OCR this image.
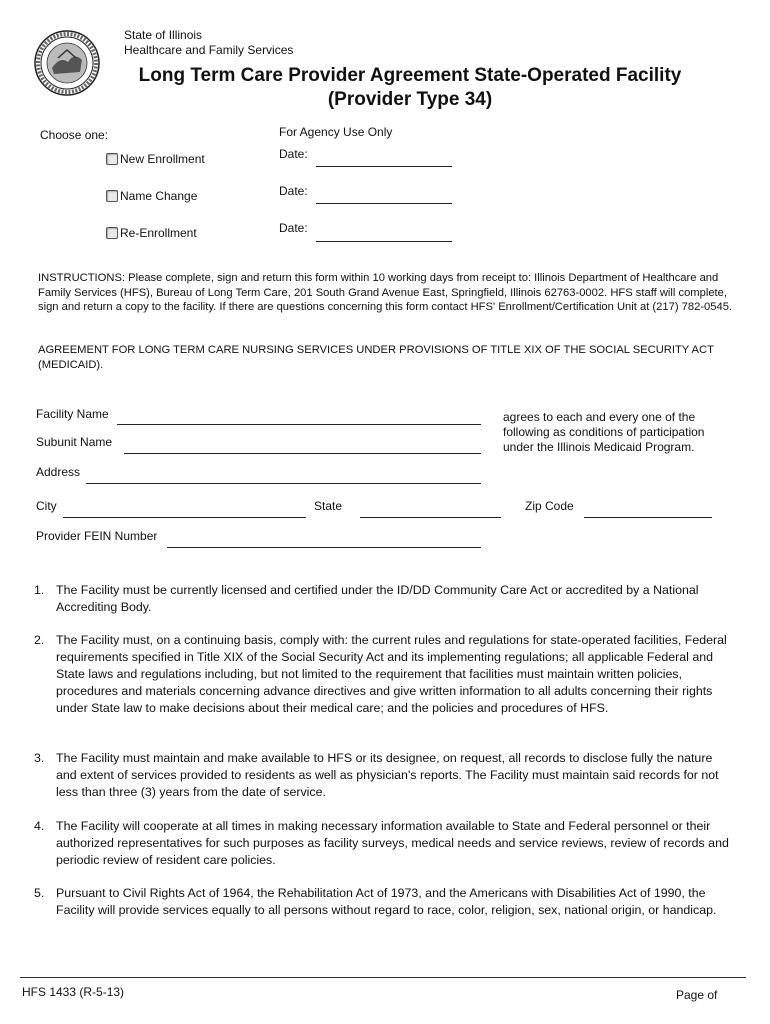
State of Illinois
Healthcare and Family Services
Long Term Care Provider Agreement State-Operated Facility
(Provider Type 34)
Choose one:
New Enrollment
Name Change
Re-Enrollment
For Agency Use Only
Date:
Date:
Date:
INSTRUCTIONS: Please complete, sign and return this form within 10 working days from receipt to: Illinois Department of Healthcare and Family Services (HFS), Bureau of Long Term Care, 201 South Grand Avenue East, Springfield, Illinois 62763-0002. HFS staff will complete, sign and return a copy to the facility. If there are questions concerning this form contact HFS' Enrollment/Certification Unit at (217) 782-0545.
AGREEMENT FOR LONG TERM CARE NURSING SERVICES UNDER PROVISIONS OF TITLE XIX OF THE SOCIAL SECURITY ACT (MEDICAID).
Facility Name
Subunit Name
agrees to each and every one of the following as conditions of participation under the Illinois Medicaid Program.
Address
City	State	Zip Code
Provider FEIN Number
1. The Facility must be currently licensed and certified under the ID/DD Community Care Act or accredited by a National Accrediting Body.
2. The Facility must, on a continuing basis, comply with: the current rules and regulations for state-operated facilities, Federal requirements specified in Title XIX of the Social Security Act and its implementing regulations; all applicable Federal and State laws and regulations including, but not limited to the requirement that facilities must maintain written policies, procedures and materials concerning advance directives and give written information to all adults concerning their rights under State law to make decisions about their medical care; and the policies and procedures of HFS.
3. The Facility must maintain and make available to HFS or its designee, on request, all records to disclose fully the nature and extent of services provided to residents as well as physician's reports. The Facility must maintain said records for not less than three (3) years from the date of service.
4. The Facility will cooperate at all times in making necessary information available to State and Federal personnel or their authorized representatives for such purposes as facility surveys, medical needs and service reviews, review of records and periodic review of resident care policies.
5. Pursuant to Civil Rights Act of 1964, the Rehabilitation Act of 1973, and the Americans with Disabilities Act of 1990, the Facility will provide services equally to all persons without regard to race, color, religion, sex, national origin, or handicap.
HFS 1433 (R-5-13)	Page of
